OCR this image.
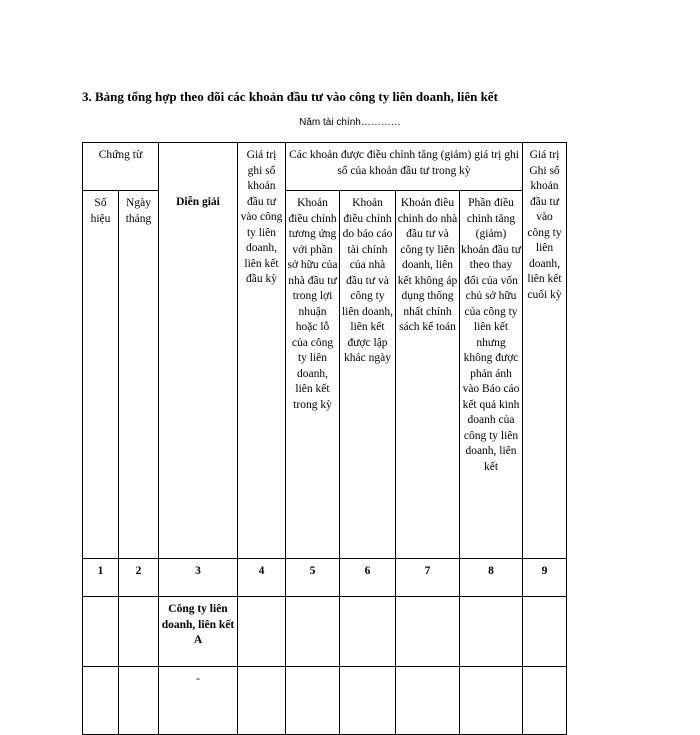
3. Bảng tổng hợp theo dõi các khoản đầu tư vào công ty liên doanh, liên kết

Năm tài chính…………

Chứng từ		Diễn giải	Giá trị ghi sổ khoản đầu tư vào công ty liên doanh, liên kết đầu kỳ	Các khoản được điều chỉnh tăng (giảm) giá trị ghi sổ của khoản đầu tư trong kỳ				Giá trị Ghi sổ khoản đầu tư vào công ty liên doanh, liên kết cuối kỳ
Số hiệu	Ngày tháng			Khoản điều chỉnh tương ứng với phần sở hữu của nhà đầu tư trong lợi nhuận hoặc lỗ của công ty liên doanh, liên kết trong kỳ	Khoản điều chỉnh do báo cáo tài chính của nhà đầu tư và công ty liên doanh, liên kết được lập khác ngày	Khoản điều chỉnh do nhà đầu tư và công ty liên doanh, liên kết không áp dụng thống nhất chính sách kế toán	Phần điều chỉnh tăng (giảm) khoản đầu tư theo thay đổi của vốn chủ sở hữu của công ty liên kết nhưng không được phản ánh vào Báo cáo kết quả kinh doanh của công ty liên doanh, liên kết	
1	2	3	4	5	6	7	8	9
		Công ty liên doanh, liên kết A						
		-						
